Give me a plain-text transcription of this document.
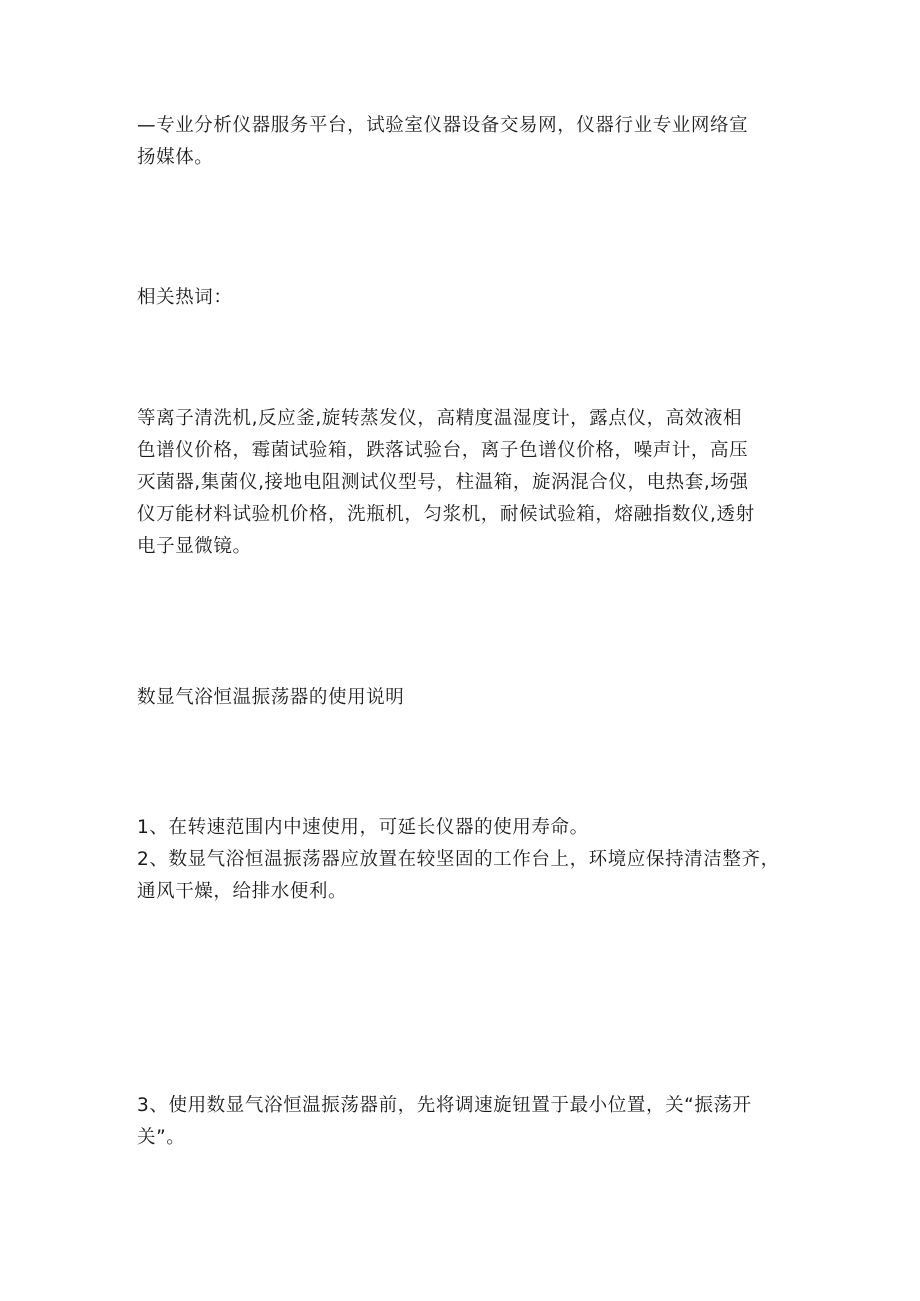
—专业分析仪器服务平台，试验室仪器设备交易网，仪器行业专业网络宣
扬媒体。
相关热词：
等离子清洗机,反应釜,旋转蒸发仪，高精度温湿度计，露点仪，高效液相
色谱仪价格，霉菌试验箱，跌落试验台，离子色谱仪价格，噪声计，高压
灭菌器,集菌仪,接地电阻测试仪型号，柱温箱，旋涡混合仪，电热套,场强
仪万能材料试验机价格，洗瓶机，匀浆机，耐候试验箱，熔融指数仪,透射
电子显微镜。
数显气浴恒温振荡器的使用说明
1、在转速范围内中速使用，可延长仪器的使用寿命。
2、数显气浴恒温振荡器应放置在较坚固的工作台上，环境应保持清洁整齐，
通风干燥，给排水便利。
3、使用数显气浴恒温振荡器前，先将调速旋钮置于最小位置，关“振荡开
关”。
